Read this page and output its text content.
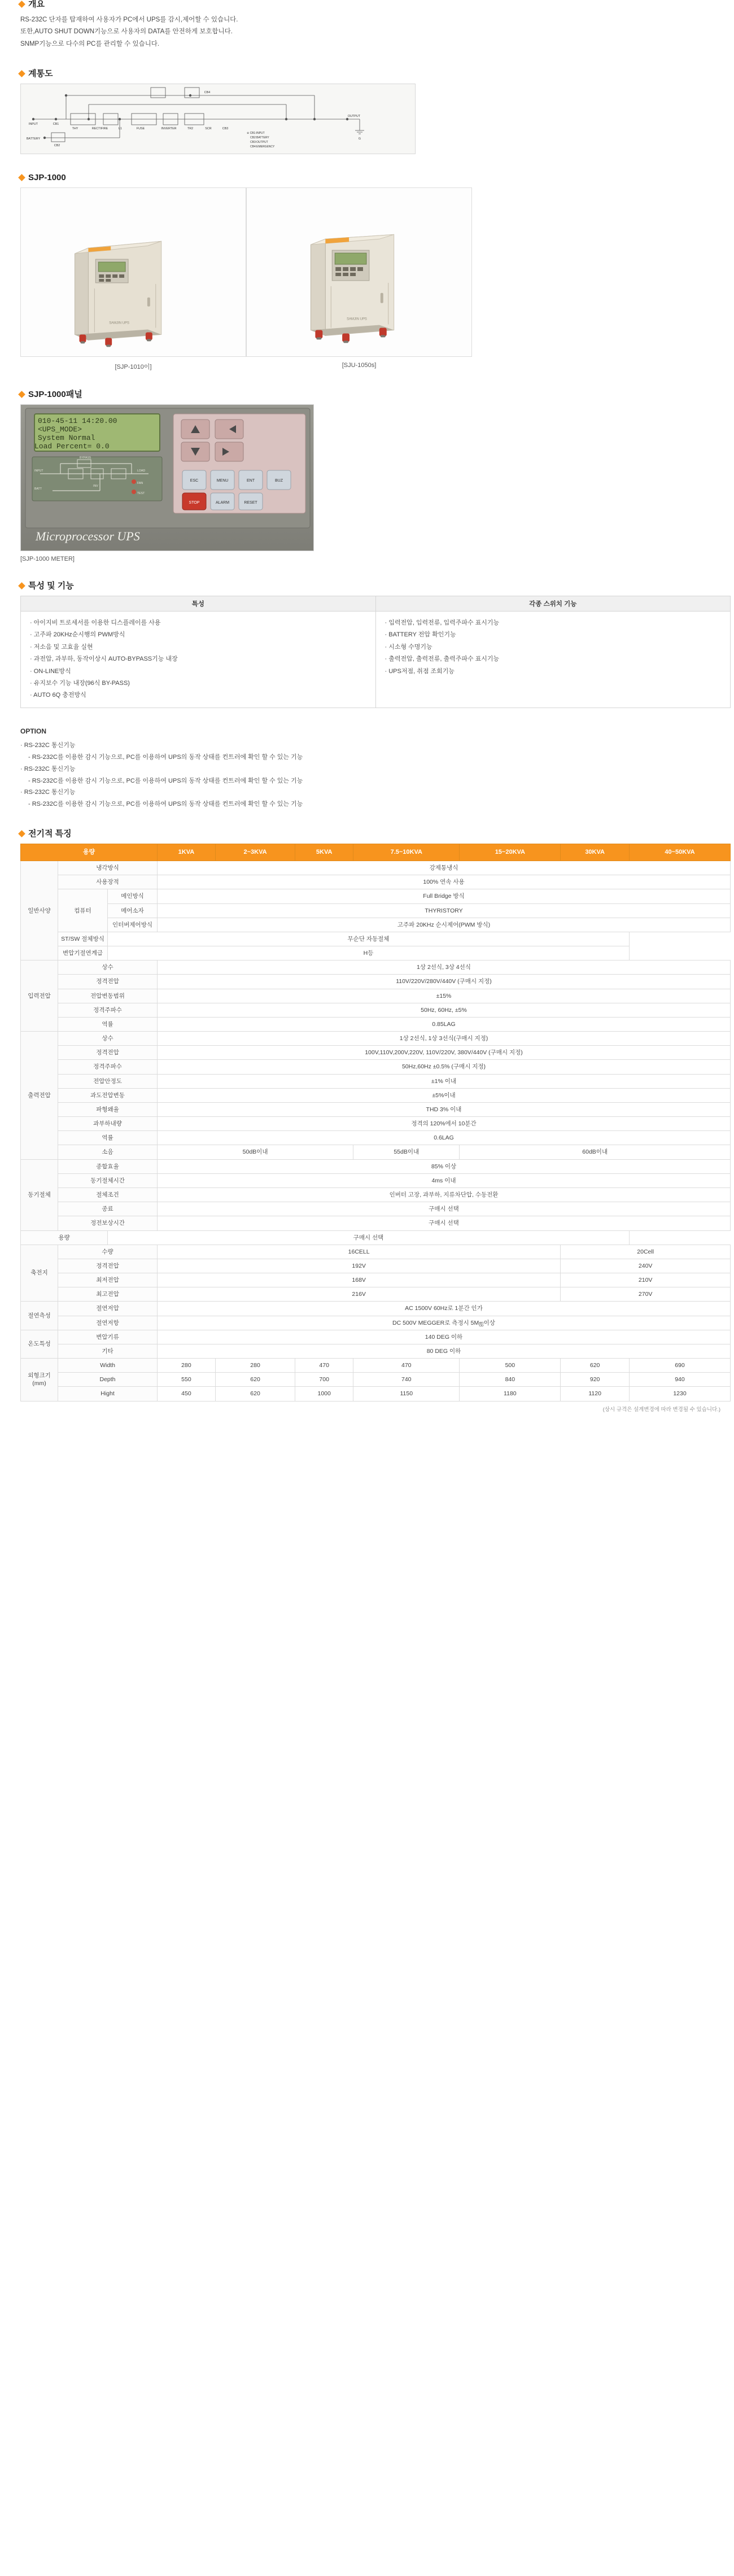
개요
RS-232C 단자를 탑재하여 사용자가 PC에서 UPS를 감시,제어할 수 있습니다.
또한,AUTO SHUT DOWN기능으로 사용자의 DATA를 안전하게 보호합니다.
SNMP기능으로 다수의 PC를 관리할 수 있습니다.
계통도
INPUT	CB1
THY	RECTIFIRE	L1	FUSE	INVERTER	TR2	SCR	CB3
BATTERY
CB2
CB4
OUTPUT
G
※ CB1:INPUT
CB2:BATTERY
CB3:OUTPUT
CB4:EMERGENCY
SJP-1000
SAMJIN UPS
[SJP-1010이]
SAMJIN UPS
[SJU-1050s]
SJP-1000패널
010-45-11 14:20.00
<UPS_MODE>
System Normal
Load Percent= 0.0
INPUT
BYPASS
BATT
INV
LOAD
FAN
TEST
ESC	MENU	ENT	BUZ
ALARM	RESET
STOP
Microprocessor UPS
[SJP-1000 METER]
특성 및 기능
특성	각종 스위치 기능

· 아이지비 트로세서를 이용한 디스플레이를 사용
· 고주파 20KHz순시행의 PWM방식
· 저소음 및 고효율 실현
· 과전압, 과부하, 동작이상시 AUTO-BYPASS기능 내장
· ON-LINE방식
· 유지보수 기능 내장(96식 BY-PASS)
· AUTO 6Q 충전방식

· 입력전압, 입력전류, 입력주파수 표시기능
· BATTERY 전압 확인기능
· 시소형 수명기능
· 출력전압, 출력전류, 출력주파수 표시기능
· UPS저점, 취점 조회기능
OPTION
· RS-232C 통신기능
- RS-232C를 이용한 감시 기능으로, PC를 이용하여 UPS의 동작 상태를 컨트러에 확인 할 수 있는 기능
· RS-232C 통신기능
- RS-232C를 이용한 감시 기능으로, PC를 이용하여 UPS의 동작 상태를 컨트러에 확인 할 수 있는 기능
· RS-232C 통신기능
- RS-232C를 이용한 감시 기능으로, PC를 이용하여 UPS의 동작 상태를 컨트러에 확인 할 수 있는 기능
전기적 특징
용량			1KVA	2~3KVA	5KVA	7.5~10KVA	15~20KVA	30KVA	40~50KVA
일반사양	냉각방식		강제통냉식						
	사용장적		100% 연속 사용						
	컴퓨터	메인방식	Full Bridge 방식						
		메어소자	THYRISTORY						
		인터버제어방식	고주파 20KHz 순시제어(PWM 방식)						
	ST/SW 절체방식	무순단 자동절체							
	변압기절연계급	H등							
입력전압	상수		1상 2선식, 3상 4선식						
	정격전압		110V/220V/280V/440V (구매시 지정)						
	전압변동범위		±15%						
	정격주파수		50Hz, 60Hz, ±5%						
	역률		0.85LAG						
출력전압	상수		1상 2선식, 1상 3선식(구매시 지정)						
	정격전압		100V,110V,200V,220V, 110V/220V, 380V/440V (구매시 지정)						
	정격주파수		50Hz,60Hz ±0.5% (구매시 지정)						
	전압안정도		±1% 이내						
	과도전압변동		±5%이내						
	파형왜율		THD 3% 이내						
	과부하내량		정격의 120%에서 10분간						
	역률		0.6LAG						
	소음		50dB이내			55dB이내	60dB이내		
동기절체	종합효율		85% 이상						
	동기절체시간		4ms 이내						
	절체조건		인버터 고장, 과부하, 지류차단압, 수동전환						
	종료		구매시 선택						
	정전보상시간		구매시 선택						
용량		구매시 선택							
축전지	수량		16CELL					20Cell	
	정격전압		192V					240V	
	최저전압		168V					210V	
	최고전압		216V					270V	
절연측성	절연저압		AC 1500V 60Hz로 1분간 인가						
	절연저항		DC 500V MEGGER로 측정시 5Mஐ이상						
온도특성	변압기류		140 DEG 이하						
	기타		80 DEG 이하						
외형크기 (mm)	Width		280	280	470	470	500	620	690
	Depth		550	620	700	740	840	920	940
	Hight		450	620	1000	1150	1180	1120	1230
(상시 규격은 설계변경에 따라 변경될 수 있습니다.)
